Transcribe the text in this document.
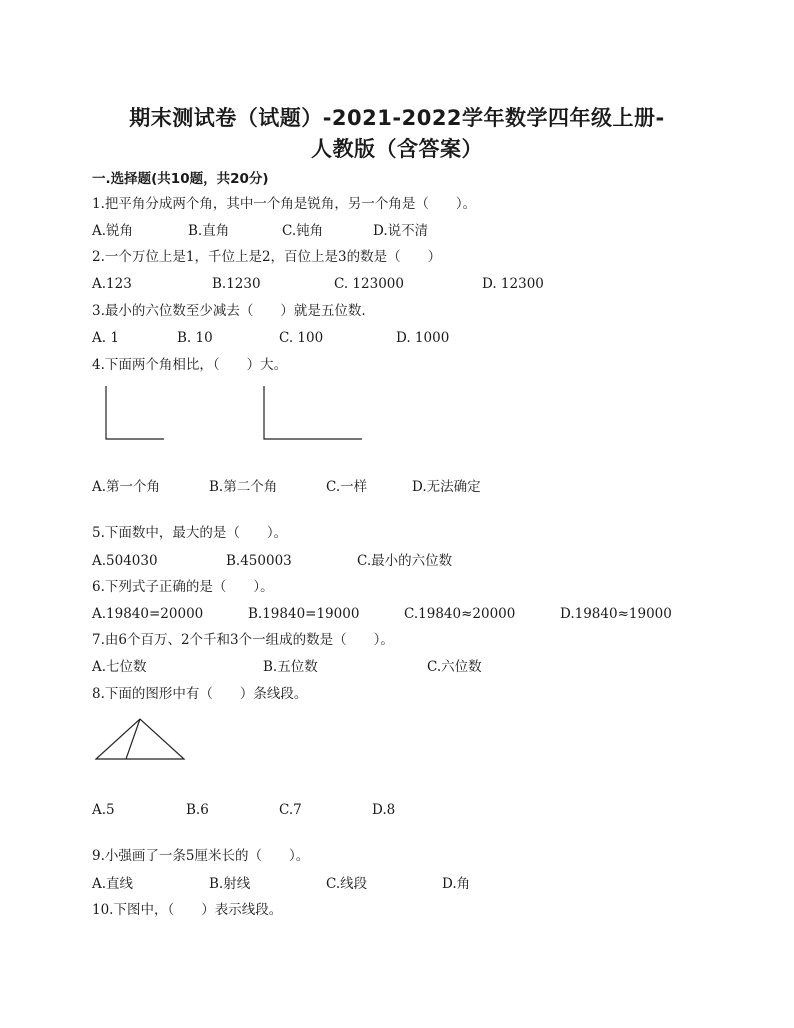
期末测试卷（试题）-2021-2022学年数学四年级上册-
人教版（含答案）
一.选择题(共10题，共20分)
1.把平角分成两个角，其中一个角是锐角，另一个角是（　　）。
A.锐角	B.直角	C.钝角	D.说不清
2.一个万位上是1，千位上是2，百位上是3的数是（　　）
A.123	B.1230	C. 123000	D. 12300
3.最小的六位数至少减去（　　）就是五位数.
A. 1	B. 10	C. 100	D. 1000
4.下面两个角相比，（　　）大。
A.第一个角	B.第二个角	C.一样	D.无法确定
5.下面数中，最大的是（　　）。
A.504030	B.450003	C.最小的六位数
6.下列式子正确的是（　　）。
A.19840=20000	B.19840=19000	C.19840≈20000	D.19840≈19000
7.由6个百万、2个千和3个一组成的数是（　　）。
A.七位数	B.五位数	C.六位数
8.下面的图形中有（　　）条线段。
A.5	B.6	C.7	D.8
9.小强画了一条5厘米长的（　　）。
A.直线	B.射线	C.线段	D.角
10.下图中，（　　）表示线段。
